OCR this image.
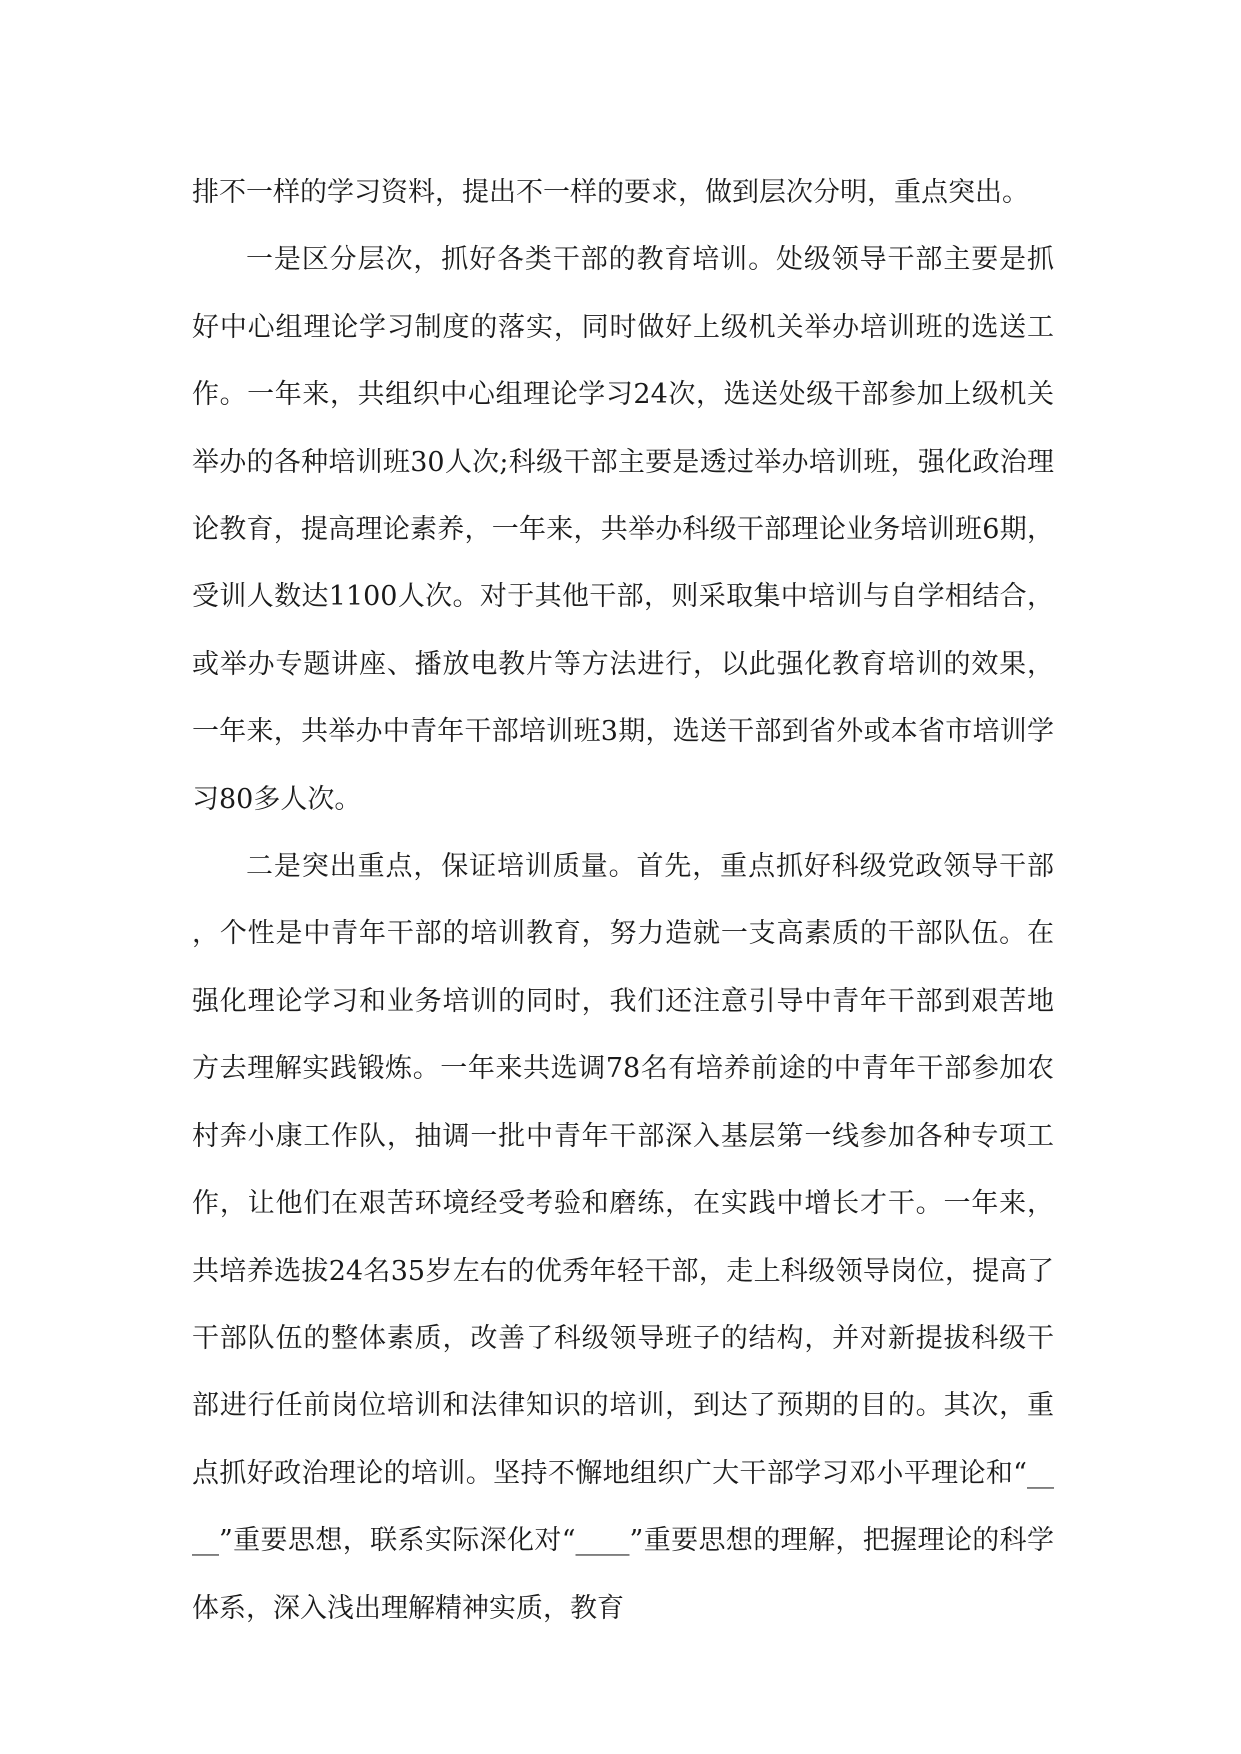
排不一样的学习资料，提出不一样的要求，做到层次分明，重点突出。

一是区分层次，抓好各类干部的教育培训。处级领导干部主要是抓好中心组理论学习制度的落实，同时做好上级机关举办培训班的选送工作。一年来，共组织中心组理论学习24次，选送处级干部参加上级机关举办的各种培训班30人次;科级干部主要是透过举办培训班，强化政治理论教育，提高理论素养，一年来，共举办科级干部理论业务培训班6期，受训人数达1100人次。对于其他干部，则采取集中培训与自学相结合，或举办专题讲座、播放电教片等方法进行，以此强化教育培训的效果，一年来，共举办中青年干部培训班3期，选送干部到省外或本省市培训学习80多人次。

二是突出重点，保证培训质量。首先，重点抓好科级党政领导干部，个性是中青年干部的培训教育，努力造就一支高素质的干部队伍。在强化理论学习和业务培训的同时，我们还注意引导中青年干部到艰苦地方去理解实践锻炼。一年来共选调78名有培养前途的中青年干部参加农村奔小康工作队，抽调一批中青年干部深入基层第一线参加各种专项工作，让他们在艰苦环境经受考验和磨练，在实践中增长才干。一年来，共培养选拔24名35岁左右的优秀年轻干部，走上科级领导岗位，提高了干部队伍的整体素质，改善了科级领导班子的结构，并对新提拔科级干部进行任前岗位培训和法律知识的培训，到达了预期的目的。其次，重点抓好政治理论的培训。坚持不懈地组织广大干部学习邓小平理论和“____”重要思想，联系实际深化对“____”重要思想的理解，把握理论的科学体系，深入浅出理解精神实质，教育
